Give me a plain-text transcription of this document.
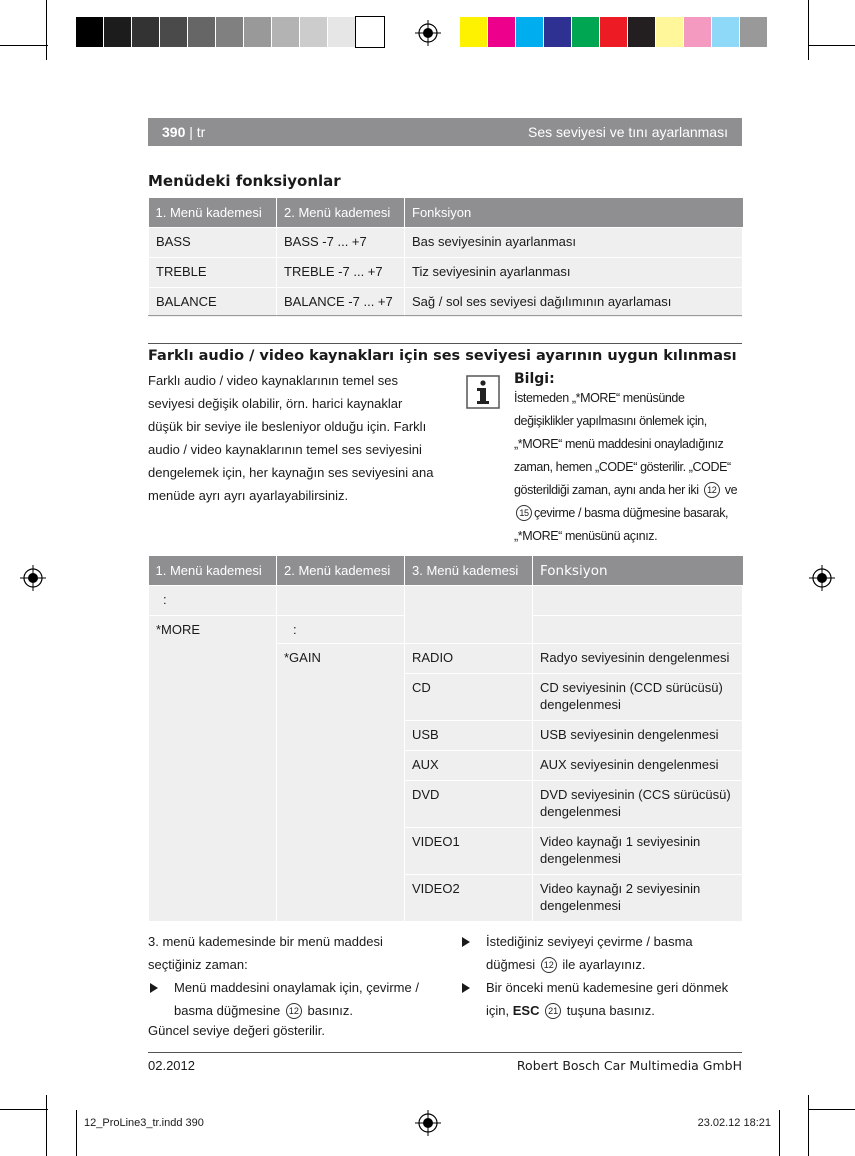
390 | tr	Ses seviyesi ve tını ayarlanması
Menüdeki fonksiyonlar
1. Menü kademesi	2. Menü kademesi	Fonksiyon
BASS	BASS -7 ... +7	Bas seviyesinin ayarlanması
TREBLE	TREBLE -7 ... +7	Tiz seviyesinin ayarlanması
BALANCE	BALANCE -7 ... +7	Sağ / sol ses seviyesi dağılımının ayarlaması
Farklı audio / video kaynakları için ses seviyesi ayarının uygun kılınması
Farklı audio / video kaynaklarının temel ses seviyesi değişik olabilir, örn. harici kaynaklar düşük bir seviye ile besleniyor olduğu için. Farklı audio / video kaynaklarının temel ses seviyesini dengelemek için, her kaynağın ses seviyesini ana menüde ayrı ayrı ayarlayabilirsiniz.
Bilgi:
İstemeden „*MORE“ menüsünde değişiklikler yapılmasını önlemek için, „*MORE“ menü maddesini onayladığınız zaman, hemen „CODE“ gösterilir. „CODE“ gösterildiği zaman, aynı anda her iki 12 ve15 çevirme / basma düğmesine basarak, „*MORE“ menüsünü açınız.
1. Menü kademesi	2. Menü kademesi	3. Menü kademesi	Fonksiyon
:			
*MORE	:		
	*GAIN	RADIO	Radyo seviyesinin dengelenmesi
		CD	CD seviyesinin (CCD sürücüsü) dengelenmesi
		USB	USB seviyesinin dengelenmesi
		AUX	AUX seviyesinin dengelenmesi
		DVD	DVD seviyesinin (CCS sürücüsü) dengelenmesi
		VIDEO1	Video kaynağı 1 seviyesinin dengelenmesi
		VIDEO2	Video kaynağı 2 seviyesinin dengelenmesi
3. menü kademesinde bir menü maddesi seçtiğiniz zaman:
Menü maddesini onaylamak için, çevirme / basma düğmesine 12 basınız.
Güncel seviye değeri gösterilir.
İstediğiniz seviyeyi çevirme / basma düğmesi 12 ile ayarlayınız.
Bir önceki menü kademesine geri dönmek için, ESC 21 tuşuna basınız.
02.2012	Robert Bosch Car Multimedia GmbH
12_ProLine3_tr.indd 390	23.02.12 18:21
